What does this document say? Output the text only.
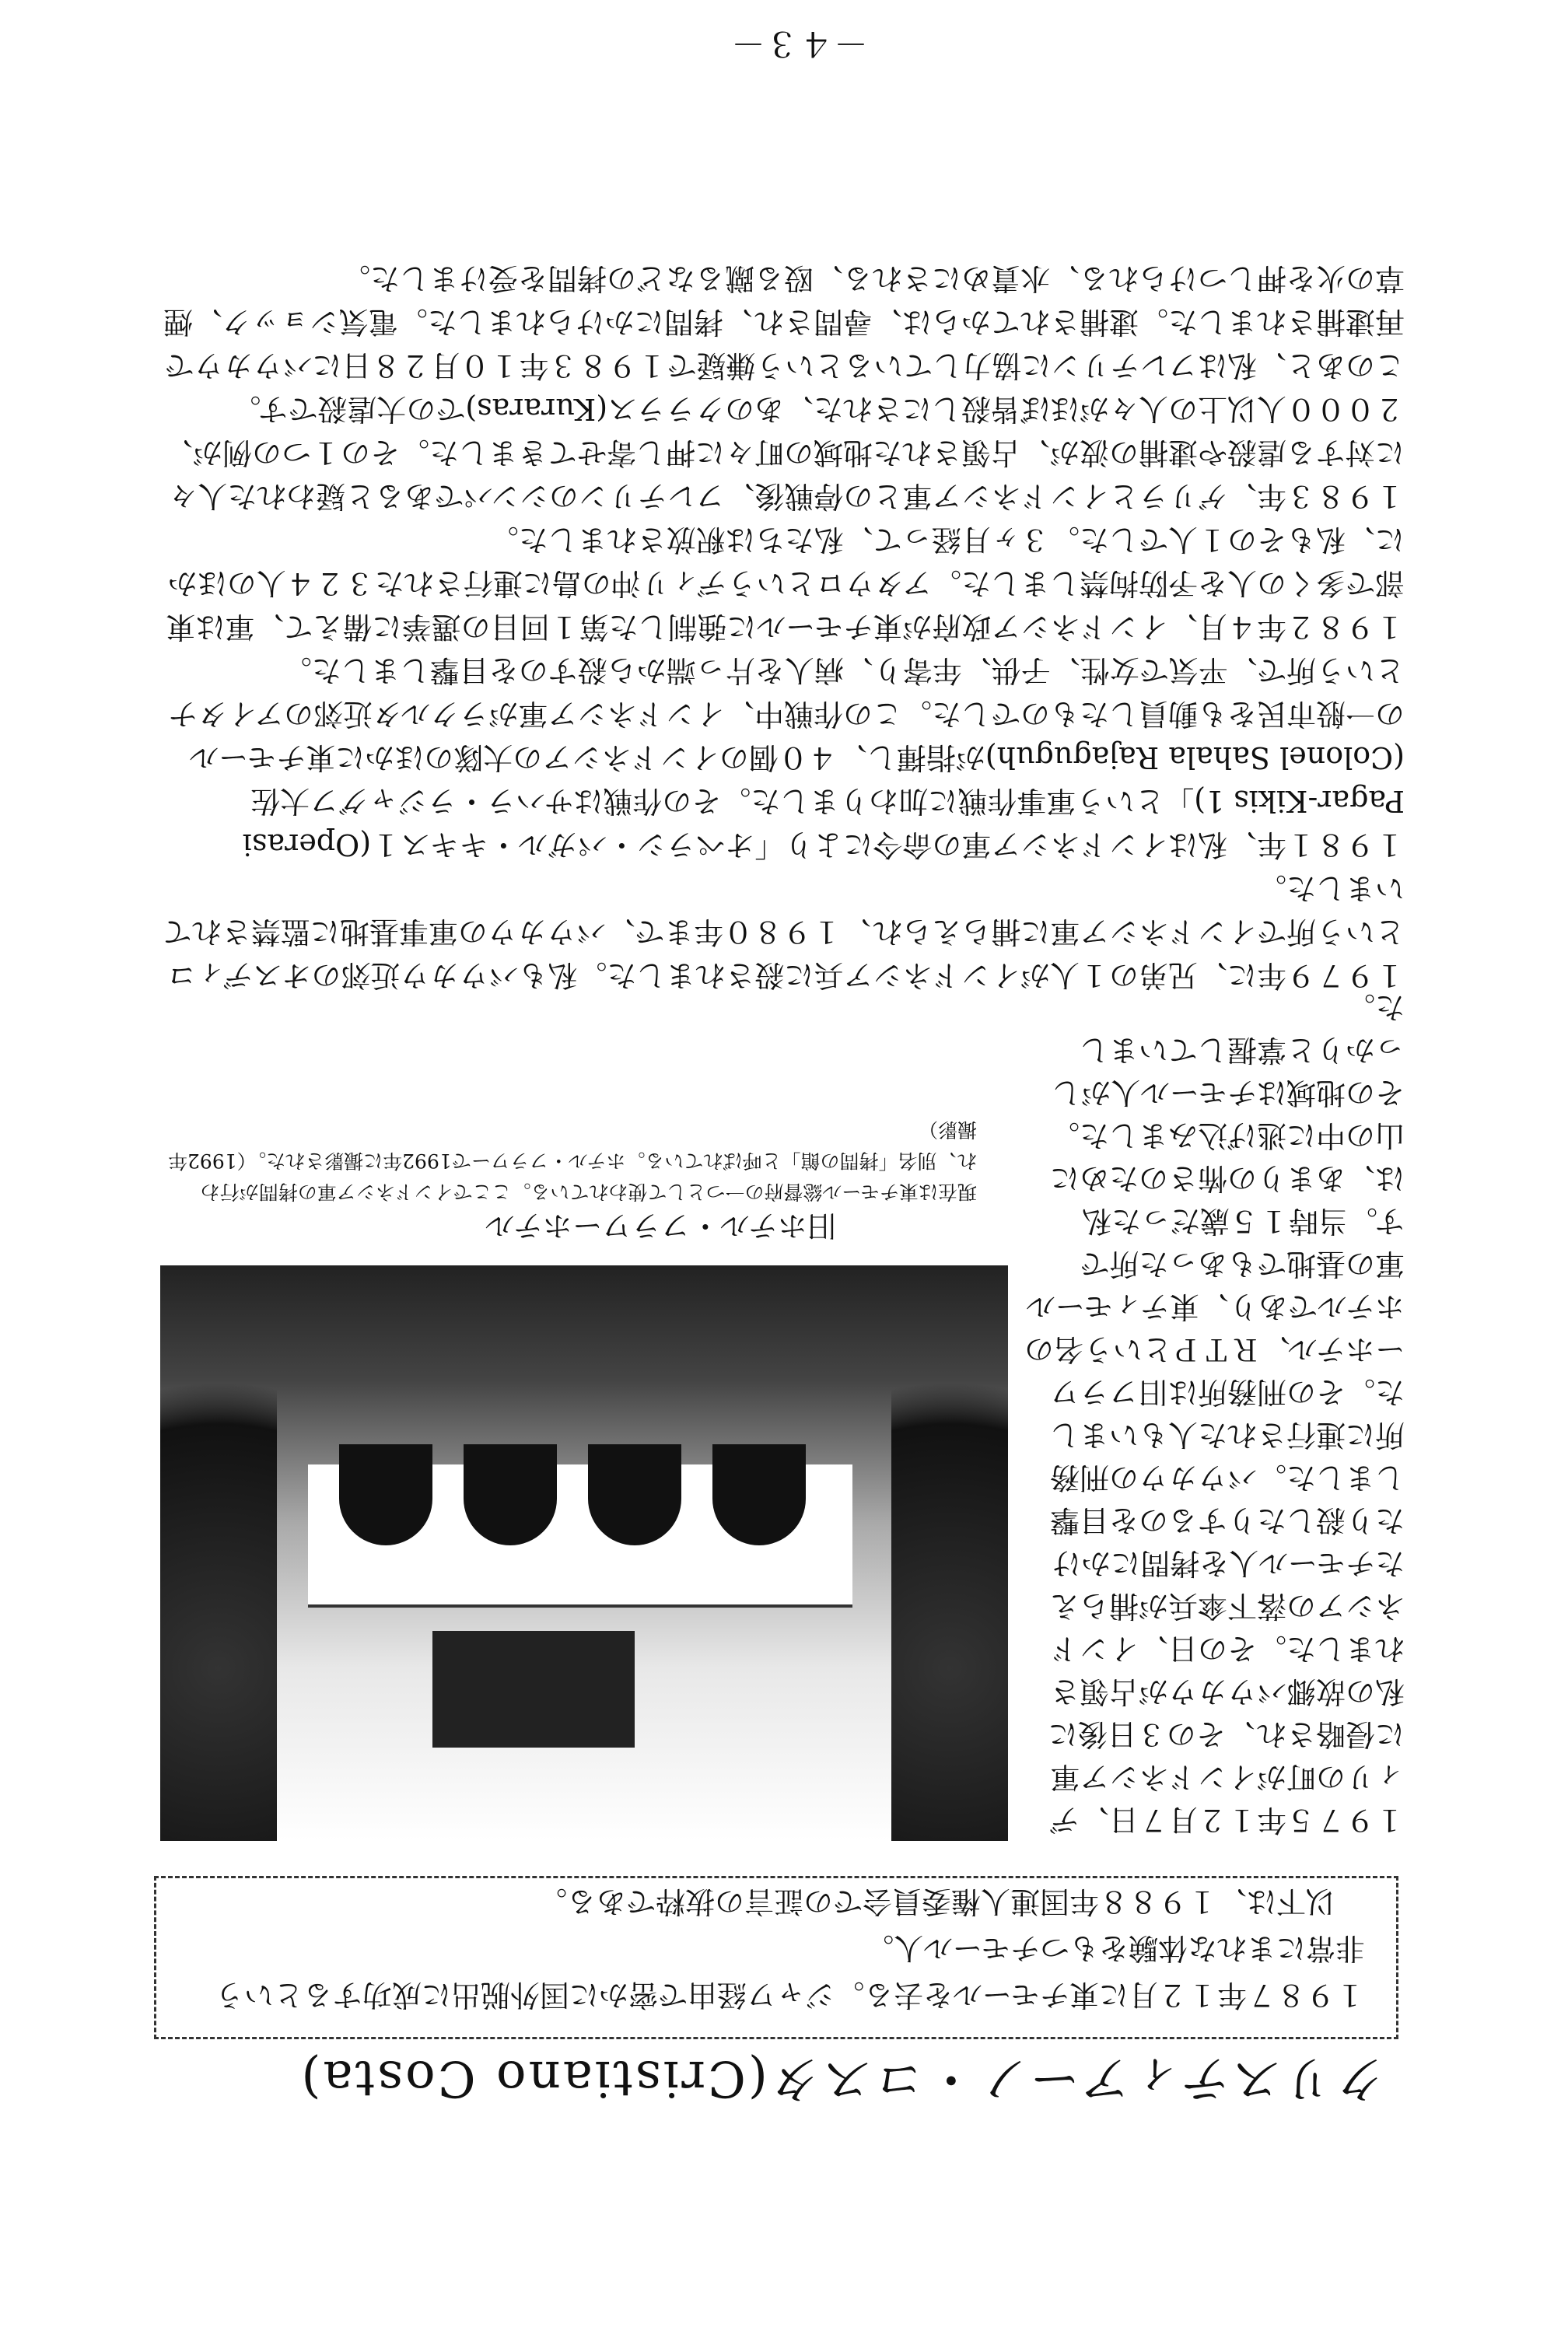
クリスティアーノ・コスタ(Cristiano Costa)

１９８７年１２月に東チモールを去る。ジャワ経由で密かに国外脱出に成功するという非常にまれな体験をもつチモール人。

以下は、１９８８年国連人権委員会での証言の抜粋である。

１９７５年１２月７日、ディリの町がインドネシア軍に侵略され、その３日後に私の故郷バウカウが占領されました。その日、インドネシアの落下傘兵が捕らえたチモール人を拷問にかけたり殺したりするのを目撃しました。バウカウの刑務所に連行された人もいました。その刑務所は旧フラワーホテル、ＲＴＰという名のホテルであり、東ティモール軍の基地でもあった所です。当時１５歳だった私は、あまりの怖さのために山の中に逃げ込みました。その地域はチモール人がしっかりと掌握していました。

旧ホテル・フラワーホテル

現在は東チモール総督府の一つとして使われている。ここでインドネシア軍の拷問が行われ、別名「拷問の館」と呼ばれている。ホテル・フラワーで1992年に撮影された。（1992年撮影）

１９７９年に、兄弟の１人がインドネシア兵に殺されました。私もバウカウ近郊のオスディコという所でインドネシア軍に捕らえられ、１９８０年まで、バウカウの軍事基地に監禁されていました。

１９８１年、私はインドネシア軍の命令により「オペラシ・パガル・キキス１(Operasi Pagar-Kikis 1)」という軍事作戦に加わりました。その作戦はサハラ・ラジャグフ大佐(Colonel Sahala Rajaguguh)が指揮し、４０個のインドネシアの大隊のほかに東チモールの一般市民をも動員したものでした。この作戦中、インドネシア軍がラクルタ近郊のアイタナという所で、平気で女性、子供、年寄り、病人を片っ端から殺すのを目撃しました。

１９８２年４月、インドネシア政府が東チモールに強制した第１回目の選挙に備えて、軍は東部で多くの人を予防拘禁しました。アタウロというディリ沖の島に連行された３２４人のほかに、私もその１人でした。３ヶ月経って、私たちは釈放されました。

１９８３年、ゲリラとインドネシア軍との停戦後、フレテリンのシンパであると疑われた人々に対する虐殺や逮捕の波が、占領された地域の町々に押し寄せてきました。その１つの例が、２０００人以上の人々がほぼ皆殺しにされた、あのクララス(Kuraras)での大虐殺です。

このあと、私はフレテリンに協力しているという嫌疑で１９８３年１０月２８日にバウカウで再逮捕されました。逮捕されてからは、尋問され、拷問にかけられました。電気ショック、煙草の火を押しつけられる、水責めにされる、殴る蹴るなどの拷問を受けました。

－４３－
